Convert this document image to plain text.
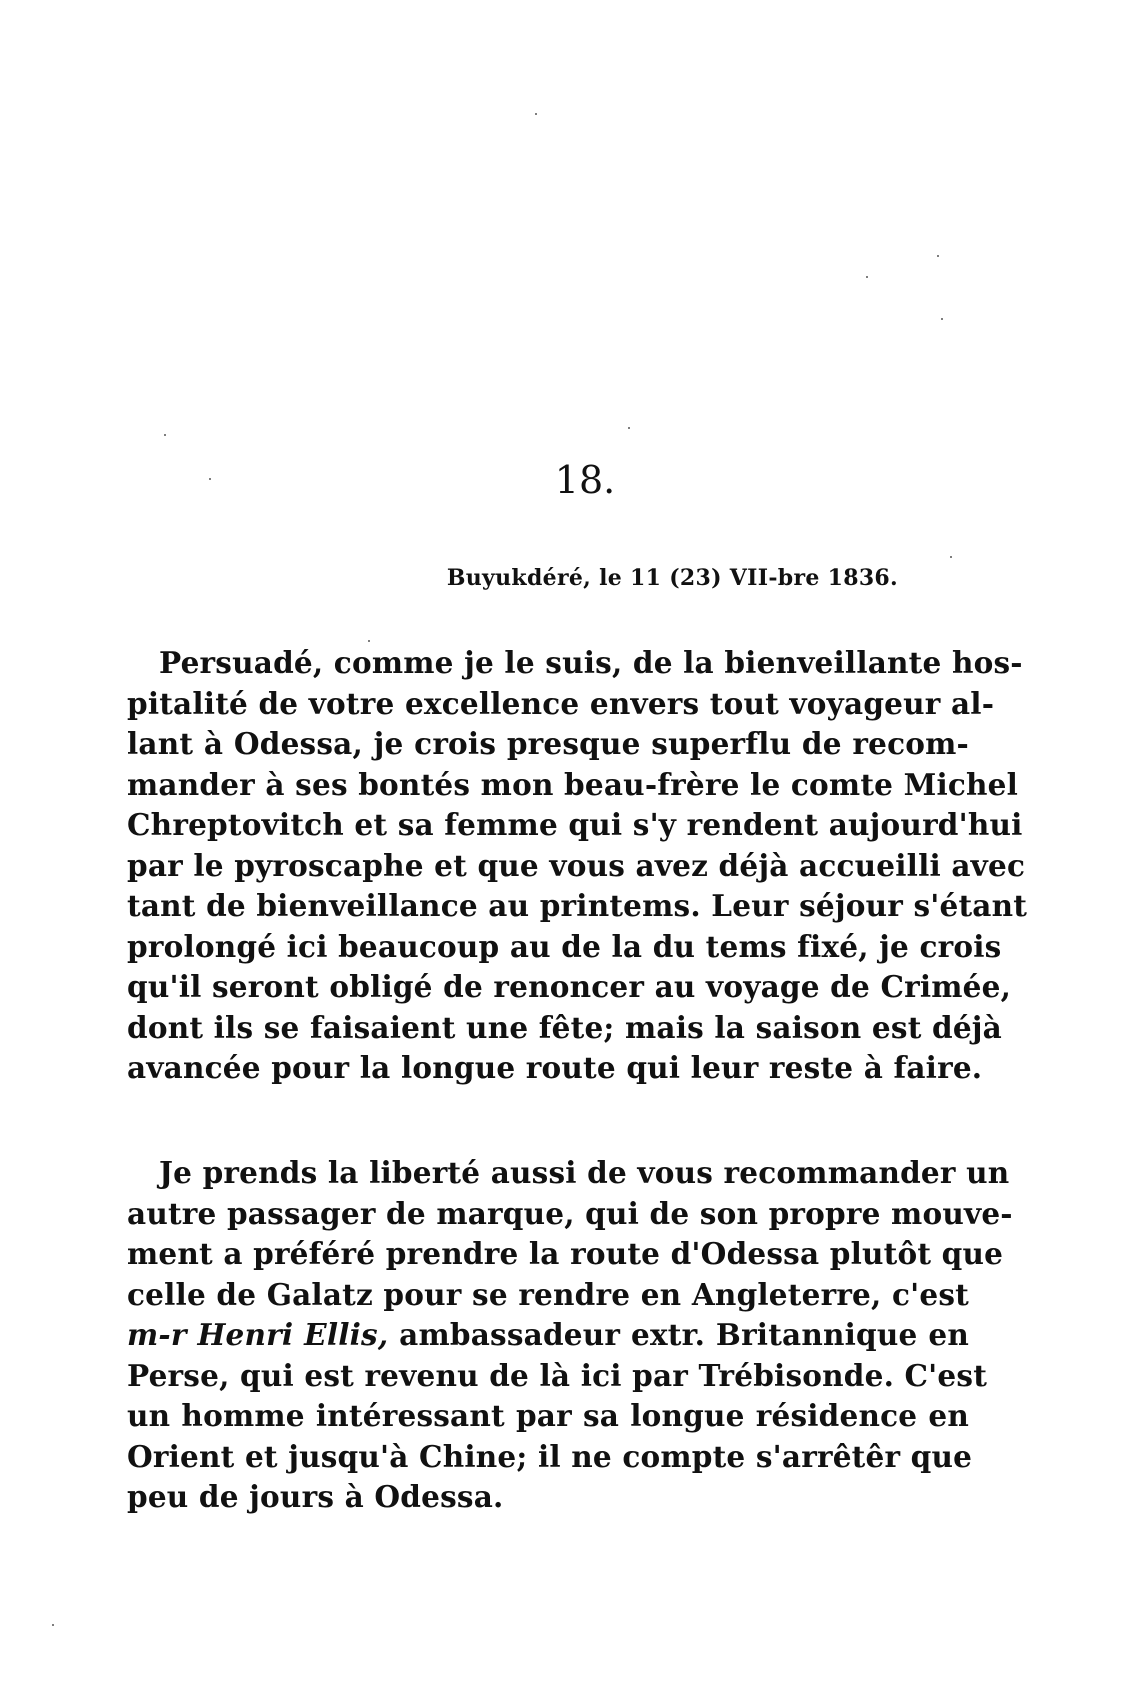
18.
Buyukdéré, le 11 (23) VII-bre 1836.
Persuadé, comme je le suis, de la bienveillante hos-
pitalité de votre excellence envers tout voyageur al-
lant à Odessa, je crois presque superflu de recom-
mander à ses bontés mon beau-frère le comte Michel
Chreptovitch et sa femme qui s'y rendent aujourd'hui
par le pyroscaphe et que vous avez déjà accueilli avec
tant de bienveillance au printems. Leur séjour s'étant
prolongé ici beaucoup au de la du tems fixé, je crois
qu'il seront obligé de renoncer au voyage de Crimée,
dont ils se faisaient une fête; mais la saison est déjà
avancée pour la longue route qui leur reste à faire.
Je prends la liberté aussi de vous recommander un
autre passager de marque, qui de son propre mouve-
ment a préféré prendre la route d'Odessa plutôt que
celle de Galatz pour se rendre en Angleterre, c'est
m-r Henri Ellis, ambassadeur extr. Britannique en
Perse, qui est revenu de là ici par Trébisonde. C'est
un homme intéressant par sa longue résidence en
Orient et jusqu'à Chine; il ne compte s'arrêtêr que
peu de jours à Odessa.
